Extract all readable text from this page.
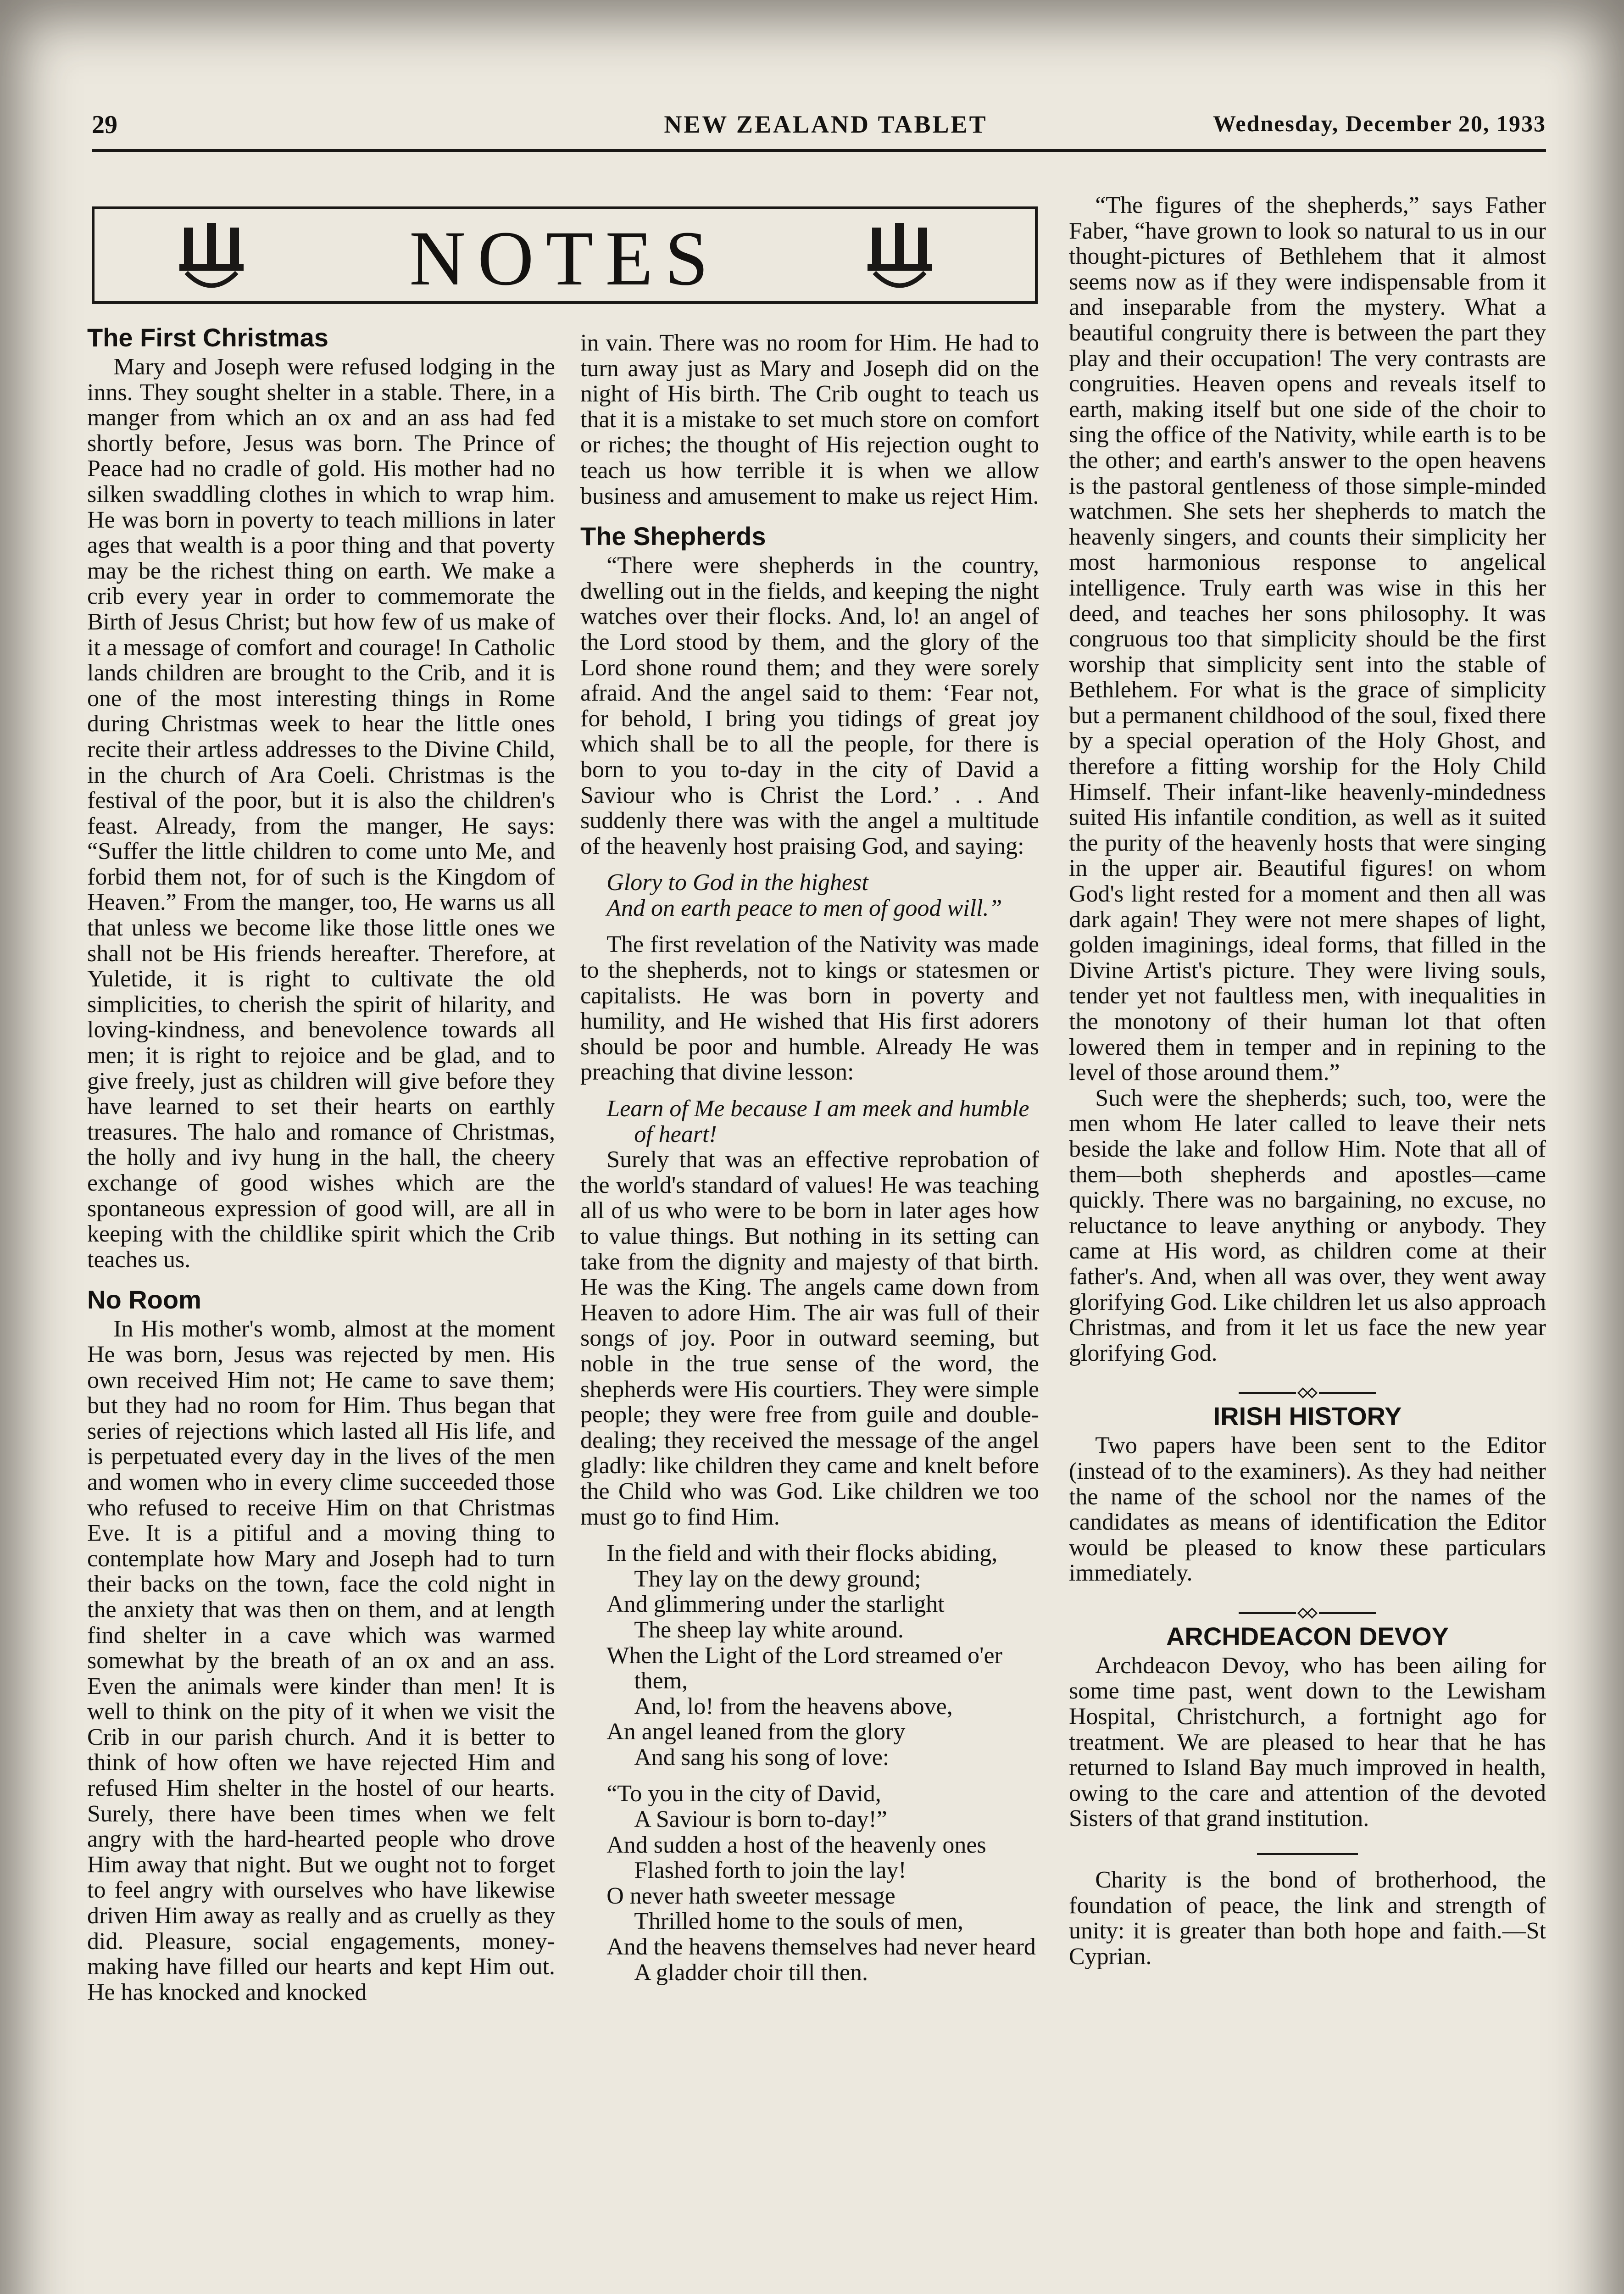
29	NEW ZEALAND TABLET	Wednesday, December 20, 1933
NOTES
The First Christmas

Mary and Joseph were refused lodging in the inns. They sought shelter in a stable. There, in a manger from which an ox and an ass had fed shortly before, Jesus was born. The Prince of Peace had no cradle of gold. His mother had no silken swaddling clothes in which to wrap him. He was born in poverty to teach millions in later ages that wealth is a poor thing and that poverty may be the richest thing on earth. We make a crib every year in order to commemorate the Birth of Jesus Christ; but how few of us make of it a message of comfort and courage! In Catholic lands children are brought to the Crib, and it is one of the most interesting things in Rome during Christmas week to hear the little ones recite their artless addresses to the Divine Child, in the church of Ara Coeli. Christmas is the festival of the poor, but it is also the children's feast. Already, from the manger, He says: “Suffer the little children to come unto Me, and forbid them not, for of such is the Kingdom of Heaven.” From the manger, too, He warns us all that unless we become like those little ones we shall not be His friends hereafter. Therefore, at Yuletide, it is right to cultivate the old simplicities, to cherish the spirit of hilarity, and loving-kindness, and benevolence towards all men; it is right to rejoice and be glad, and to give freely, just as children will give before they have learned to set their hearts on earthly treasures. The halo and romance of Christmas, the holly and ivy hung in the hall, the cheery exchange of good wishes which are the spontaneous expression of good will, are all in keeping with the childlike spirit which the Crib teaches us.

No Room

In His mother's womb, almost at the moment He was born, Jesus was rejected by men. His own received Him not; He came to save them; but they had no room for Him. Thus began that series of rejections which lasted all His life, and is perpetuated every day in the lives of the men and women who in every clime succeeded those who refused to receive Him on that Christmas Eve. It is a pitiful and a moving thing to contemplate how Mary and Joseph had to turn their backs on the town, face the cold night in the anxiety that was then on them, and at length find shelter in a cave which was warmed somewhat by the breath of an ox and an ass. Even the animals were kinder than men! It is well to think on the pity of it when we visit the Crib in our parish church. And it is better to think of how often we have rejected Him and refused Him shelter in the hostel of our hearts. Surely, there have been times when we felt angry with the hard-hearted people who drove Him away that night. But we ought not to forget to feel angry with ourselves who have likewise driven Him away as really and as cruelly as they did. Pleasure, social engagements, money-making have filled our hearts and kept Him out. He has knocked and knocked

in vain. There was no room for Him. He had to turn away just as Mary and Joseph did on the night of His birth. The Crib ought to teach us that it is a mistake to set much store on comfort or riches; the thought of His rejection ought to teach us how terrible it is when we allow business and amusement to make us reject Him.

The Shepherds

“There were shepherds in the country, dwelling out in the fields, and keeping the night watches over their flocks. And, lo! an angel of the Lord stood by them, and the glory of the Lord shone round them; and they were sorely afraid. And the angel said to them: ‘Fear not, for behold, I bring you tidings of great joy which shall be to all the people, for there is born to you to-day in the city of David a Saviour who is Christ the Lord.’ . . And suddenly there was with the angel a multitude of the heavenly host praising God, and saying:

Glory to God in the highest

And on earth peace to men of good will.”

The first revelation of the Nativity was made to the shepherds, not to kings or statesmen or capitalists. He was born in poverty and humility, and He wished that His first adorers should be poor and humble. Already He was preaching that divine lesson:

Learn of Me because I am meek and humble

of heart!

Surely that was an effective reprobation of the world's standard of values! He was teaching all of us who were to be born in later ages how to value things. But nothing in its setting can take from the dignity and majesty of that birth. He was the King. The angels came down from Heaven to adore Him. The air was full of their songs of joy. Poor in outward seeming, but noble in the true sense of the word, the shepherds were His courtiers. They were simple people; they were free from guile and double-dealing; they received the message of the angel gladly: like children they came and knelt before the Child who was God. Like children we too must go to find Him.

In the field and with their flocks abiding,

They lay on the dewy ground;

And glimmering under the starlight

The sheep lay white around.

When the Light of the Lord streamed o'er

them,

And, lo! from the heavens above,

An angel leaned from the glory

And sang his song of love:

“To you in the city of David,

A Saviour is born to-day!”

And sudden a host of the heavenly ones

Flashed forth to join the lay!

O never hath sweeter message

Thrilled home to the souls of men,

And the heavens themselves had never heard

A gladder choir till then.

“The figures of the shepherds,” says Father Faber, “have grown to look so natural to us in our thought-pictures of Bethlehem that it almost seems now as if they were indispensable from it and inseparable from the mystery. What a beautiful congruity there is between the part they play and their occupation! The very contrasts are congruities. Heaven opens and reveals itself to earth, making itself but one side of the choir to sing the office of the Nativity, while earth is to be the other; and earth's answer to the open heavens is the pastoral gentleness of those simple-minded watchmen. She sets her shepherds to match the heavenly singers, and counts their simplicity her most harmonious response to angelical intelligence. Truly earth was wise in this her deed, and teaches her sons philosophy. It was congruous too that simplicity should be the first worship that simplicity sent into the stable of Bethlehem. For what is the grace of simplicity but a permanent childhood of the soul, fixed there by a special operation of the Holy Ghost, and therefore a fitting worship for the Holy Child Himself. Their infant-like heavenly-mindedness suited His infantile condition, as well as it suited the purity of the heavenly hosts that were singing in the upper air. Beautiful figures! on whom God's light rested for a moment and then all was dark again! They were not mere shapes of light, golden imaginings, ideal forms, that filled in the Divine Artist's picture. They were living souls, tender yet not faultless men, with inequalities in the monotony of their human lot that often lowered them in temper and in repining to the level of those around them.”

Such were the shepherds; such, too, were the men whom He later called to leave their nets beside the lake and follow Him. Note that all of them—both shepherds and apostles—came quickly. There was no bargaining, no excuse, no reluctance to leave anything or anybody. They came at His word, as children come at their father's. And, when all was over, they went away glorifying God. Like children let us also approach Christmas, and from it let us face the new year glorifying God.

IRISH HISTORY

Two papers have been sent to the Editor (instead of to the examiners). As they had neither the name of the school nor the names of the candidates as means of identification the Editor would be pleased to know these particulars immediately.

ARCHDEACON DEVOY

Archdeacon Devoy, who has been ailing for some time past, went down to the Lewisham Hospital, Christchurch, a fortnight ago for treatment. We are pleased to hear that he has returned to Island Bay much improved in health, owing to the care and attention of the devoted Sisters of that grand institution.

Charity is the bond of brotherhood, the foundation of peace, the link and strength of unity: it is greater than both hope and faith.—St Cyprian.
